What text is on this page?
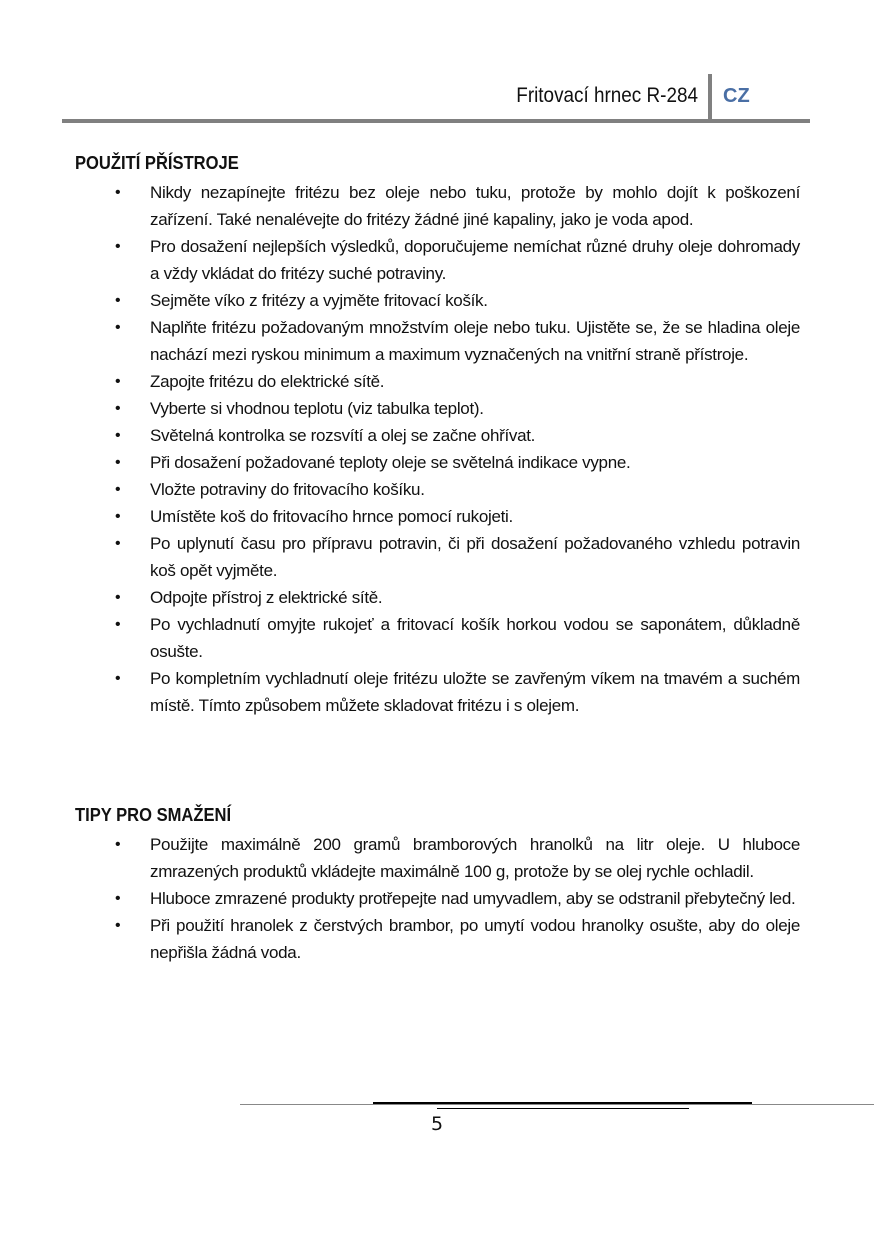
Fritovací hrnec R-284 CZ
POUŽITÍ PŘÍSTROJE
• Nikdy nezapínejte fritézu bez oleje nebo tuku, protože by mohlo dojít k poškození zařízení. Také nenalévejte do fritézy žádné jiné kapaliny, jako je voda apod.
• Pro dosažení nejlepších výsledků, doporučujeme nemíchat různé druhy oleje dohromady a vždy vkládat do fritézy suché potraviny.
• Sejměte víko z fritézy a vyjměte fritovací košík.
• Naplňte fritézu požadovaným množstvím oleje nebo tuku. Ujistěte se, že se hladina oleje nachází mezi ryskou minimum a maximum vyznačených na vnitřní straně přístroje.
• Zapojte fritézu do elektrické sítě.
• Vyberte si vhodnou teplotu (viz tabulka teplot).
• Světelná kontrolka se rozsvítí a olej se začne ohřívat.
• Při dosažení požadované teploty oleje se světelná indikace vypne.
• Vložte potraviny do fritovacího košíku.
• Umístěte koš do fritovacího hrnce pomocí rukojeti.
• Po uplynutí času pro přípravu potravin, či při dosažení požadovaného vzhledu potravin koš opět vyjměte.
• Odpojte přístroj z elektrické sítě.
• Po vychladnutí omyjte rukojeť a fritovací košík horkou vodou se saponátem, důkladně osušte.
• Po kompletním vychladnutí oleje fritézu uložte se zavřeným víkem na tmavém a suchém místě. Tímto způsobem můžete skladovat fritézu i s olejem.
TIPY PRO SMAŽENÍ
• Použijte maximálně 200 gramů bramborových hranolků na litr oleje. U hluboce zmrazených produktů vkládejte maximálně 100 g, protože by se olej rychle ochladil.
• Hluboce zmrazené produkty protřepejte nad umyvadlem, aby se odstranil přebytečný led.
• Při použití hranolek z čerstvých brambor, po umytí vodou hranolky osušte, aby do oleje nepřišla žádná voda.
5
